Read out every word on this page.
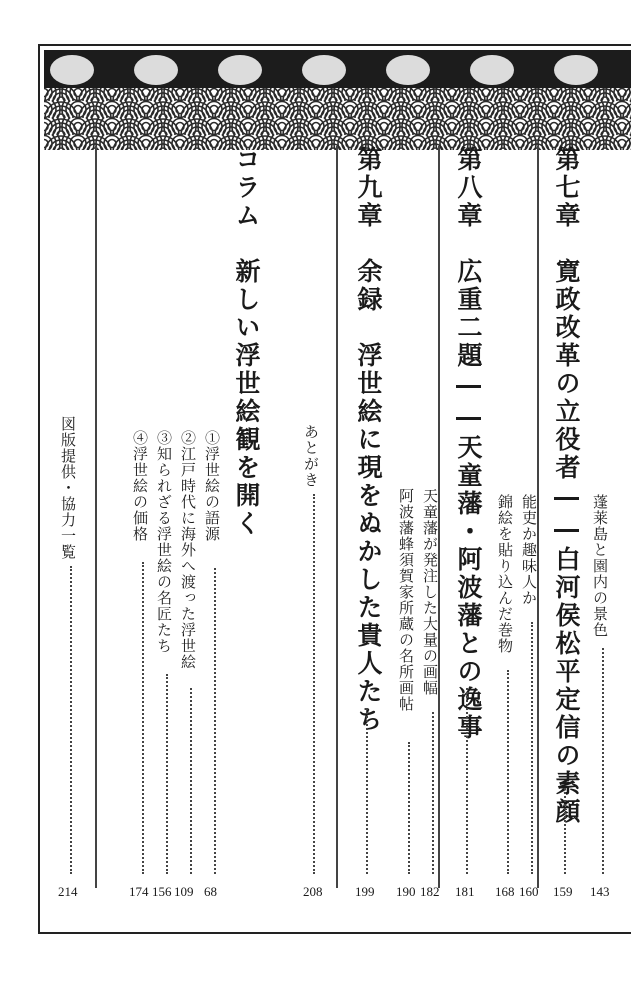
蓬莱島と園内の景色
143
第七章　寛政改革の立役者――白河侯松平定信の素顔
159
能吏か趣味人か
160
錦絵を貼り込んだ巻物
168
第八章　広重二題――天童藩・阿波藩との逸事
181
天童藩が発注した大量の画幅
182
阿波藩蜂須賀家所蔵の名所画帖
190
第九章　余録　浮世絵に現をぬかした貴人たち
199
あとがき
208
コラム　新しい浮世絵観を開く
①浮世絵の語源
68
②江戸時代に海外へ渡った浮世絵
109
③知られざる浮世絵の名匠たち
156
④浮世絵の価格
174
図版提供・協力一覧
214
